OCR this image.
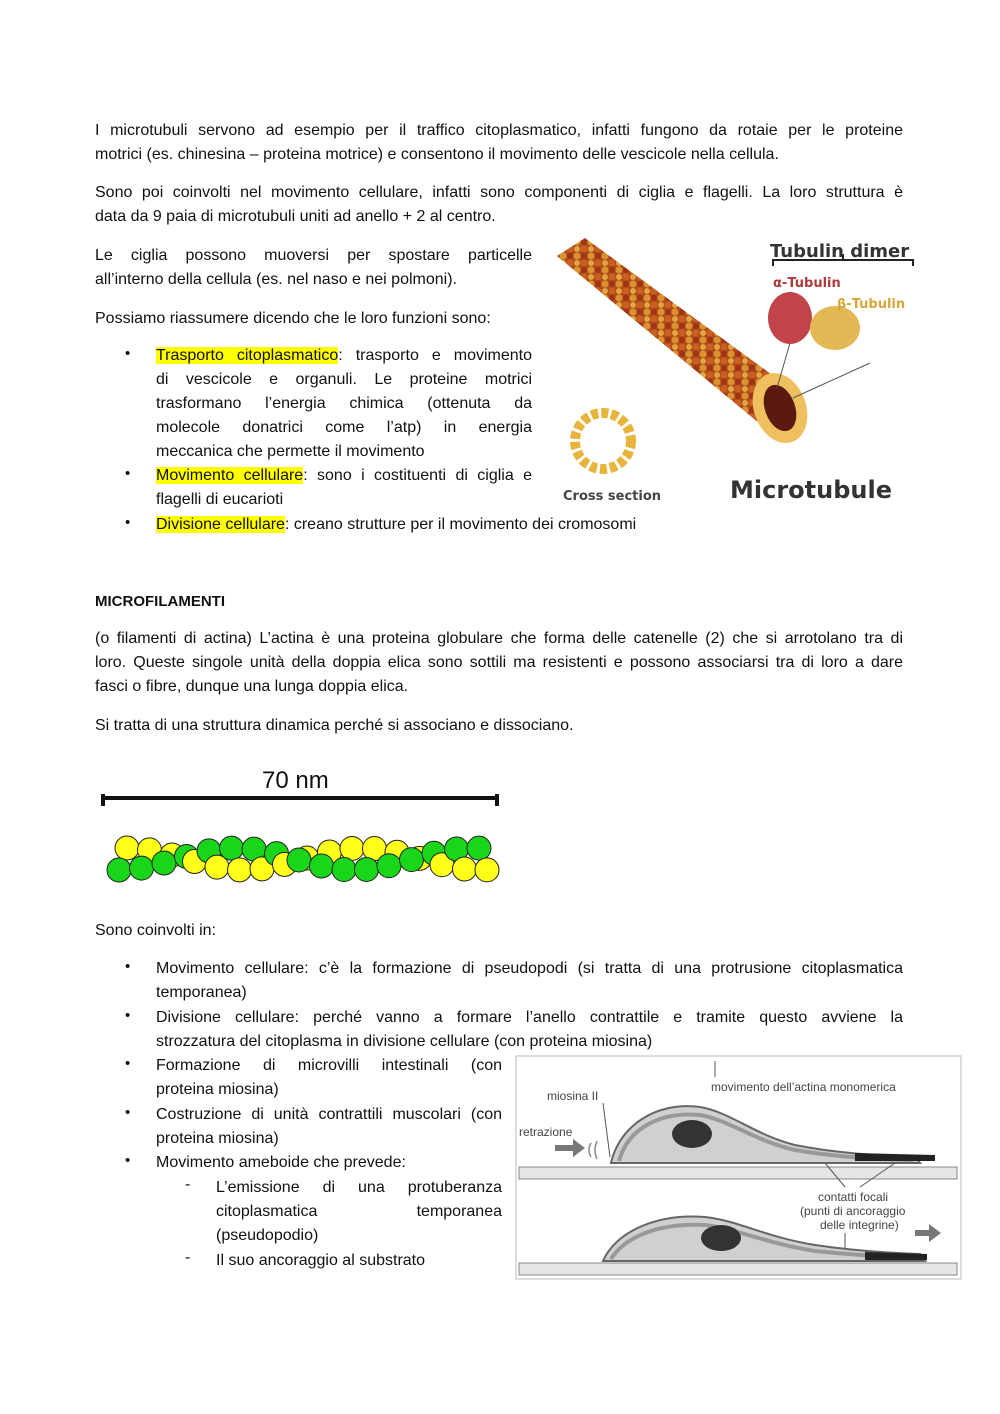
I microtubuli servono ad esempio per il traffico citoplasmatico, infatti fungono da rotaie per le proteine
motrici (es. chinesina – proteina motrice) e consentono il movimento delle vescicole nella cellula.
Sono poi coinvolti nel movimento cellulare, infatti sono componenti di ciglia e flagelli. La loro struttura è
data da 9 paia di microtubuli uniti ad anello + 2 al centro.
Le ciglia possono muoversi per spostare particelle
all’interno della cellula (es. nel naso e nei polmoni).
Possiamo riassumere dicendo che le loro funzioni sono:
• Trasporto citoplasmatico: trasporto e movimento
di vescicole e organuli. Le proteine motrici
trasformano l’energia chimica (ottenuta da
molecole donatrici come l’atp) in energia
meccanica che permette il movimento
• Movimento cellulare: sono i costituenti di ciglia e
flagelli di eucarioti
• Divisione cellulare: creano strutture per il movimento dei cromosomi
Tubulin dimer
α-Tubulin
β-Tubulin
Cross section	Microtubule
MICROFILAMENTI
(o filamenti di actina) L’actina è una proteina globulare che forma delle catenelle (2) che si arrotolano tra di
loro. Queste singole unità della doppia elica sono sottili ma resistenti e possono associarsi tra di loro a dare
fasci o fibre, dunque una lunga doppia elica.
Si tratta di una struttura dinamica perché si associano e dissociano.
70 nm
Sono coinvolti in:
• Movimento cellulare: c’è la formazione di pseudopodi (si tratta di una protrusione citoplasmatica
temporanea)
• Divisione cellulare: perché vanno a formare l’anello contrattile e tramite questo avviene la
strozzatura del citoplasma in divisione cellulare (con proteina miosina)
• Formazione di microvilli intestinali (con
proteina miosina)
• Costruzione di unità contrattili muscolari (con
proteina miosina)
• Movimento ameboide che prevede:
- L’emissione di una protuberanza
citoplasmatica temporanea
(pseudopodio)
- Il suo ancoraggio al substrato
movimento dell’actina monomerica
miosina II
retrazione
contatti focali
(punti di ancoraggio
delle integrine)
